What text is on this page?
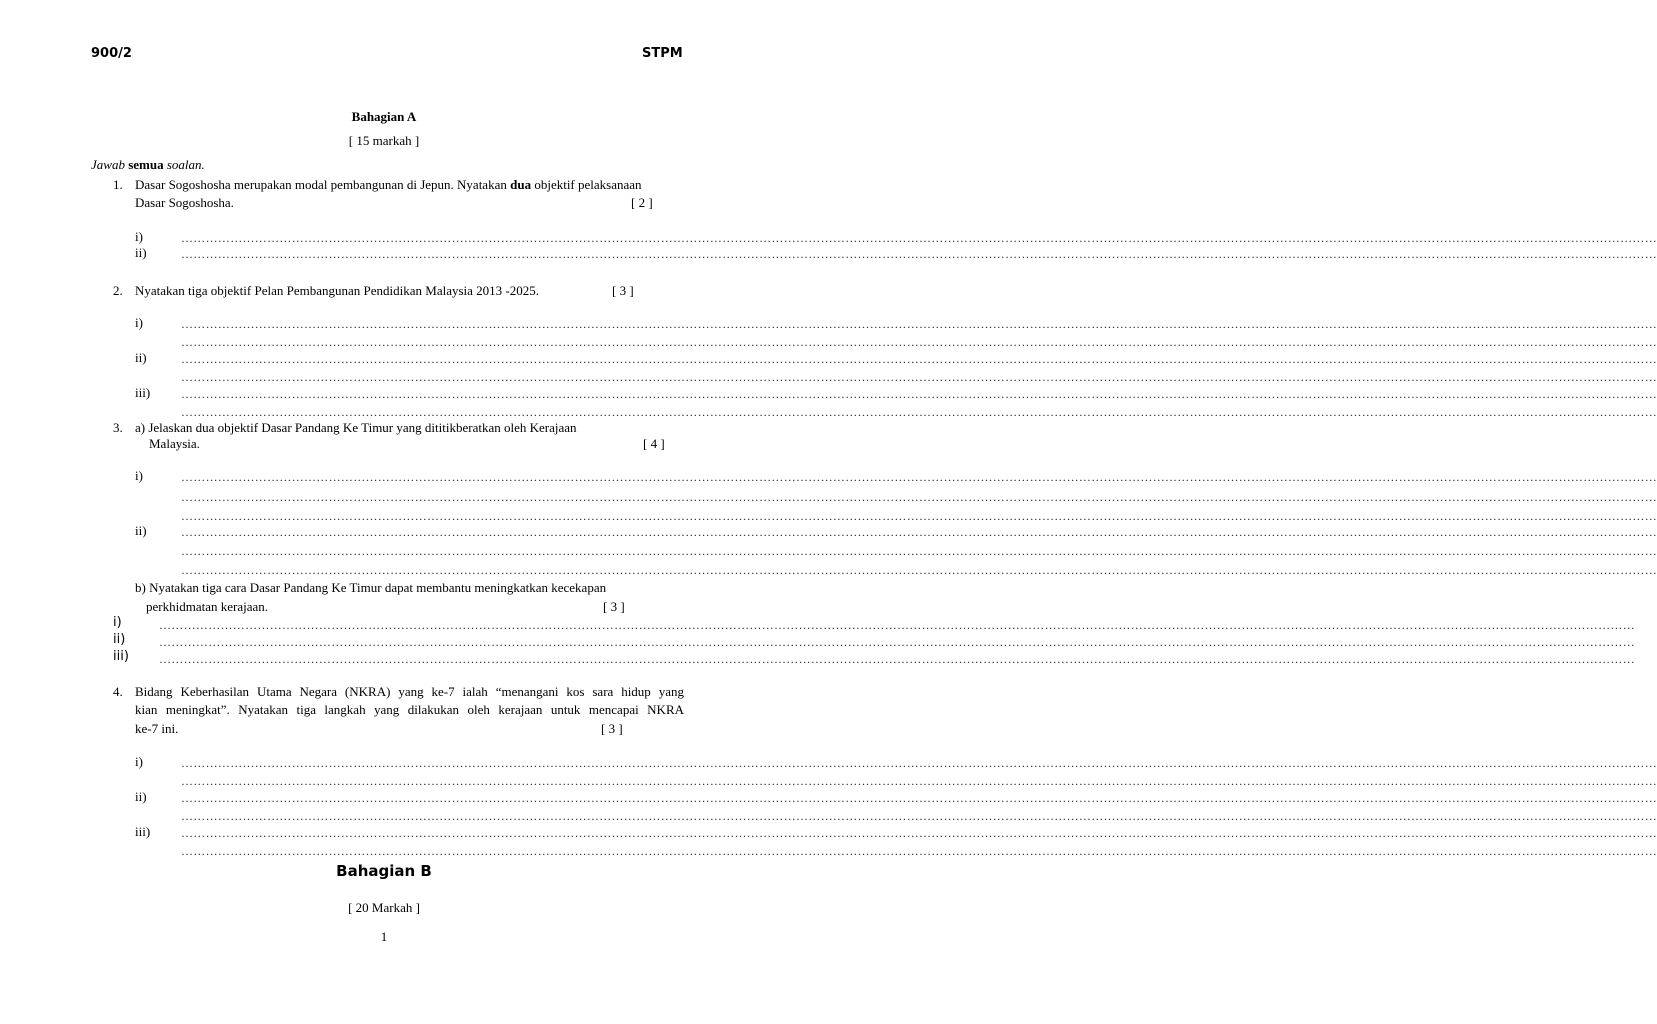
900/2	STPM
Bahagian A
[ 15 markah ]
Jawab semua soalan.
1. Dasar Sogoshosha merupakan modal pembangunan di Jepun. Nyatakan dua objektif pelaksanaan
Dasar Sogoshosha.	[ 2 ]
i)	………………………………………………………………………………………………………………………………………………………………………………………………………………………………………………………………………………………………………………………………
ii)	………………………………………………………………………………………………………………………………………………………………………………………………………………………………………………………………………………………………………………………………
2. Nyatakan tiga objektif Pelan Pembangunan Pendidikan Malaysia 2013 -2025.	[ 3 ]
i)	………………………………………………………………………………………………………………………………………………………………………………………………………………………………………………………………………………………………………………………………
………………………………………………………………………………………………………………………………………………………………………………………………………………………………………………………………………………………………………………………………
ii)	………………………………………………………………………………………………………………………………………………………………………………………………………………………………………………………………………………………………………………………………
………………………………………………………………………………………………………………………………………………………………………………………………………………………………………………………………………………………………………………………………
iii)	………………………………………………………………………………………………………………………………………………………………………………………………………………………………………………………………………………………………………………………………
………………………………………………………………………………………………………………………………………………………………………………………………………………………………………………………………………………………………………………………………
3. a) Jelaskan dua objektif Dasar Pandang Ke Timur yang dititikberatkan oleh Kerajaan
Malaysia.	[ 4 ]
i)	………………………………………………………………………………………………………………………………………………………………………………………………………………………………………………………………………………………………………………………………
………………………………………………………………………………………………………………………………………………………………………………………………………………………………………………………………………………………………………………………………
………………………………………………………………………………………………………………………………………………………………………………………………………………………………………………………………………………………………………………………………
ii)	………………………………………………………………………………………………………………………………………………………………………………………………………………………………………………………………………………………………………………………………
………………………………………………………………………………………………………………………………………………………………………………………………………………………………………………………………………………………………………………………………
………………………………………………………………………………………………………………………………………………………………………………………………………………………………………………………………………………………………………………………………
b) Nyatakan tiga cara Dasar Pandang Ke Timur dapat membantu meningkatkan kecekapan
perkhidmatan kerajaan.	[ 3 ]
i)	………………………………………………………………………………………………………………………………………………………………………………………………………………………………………………………………………………………………………………………………
ii)	………………………………………………………………………………………………………………………………………………………………………………………………………………………………………………………………………………………………………………………………
iii)	………………………………………………………………………………………………………………………………………………………………………………………………………………………………………………………………………………………………………………………………
4. Bidang Keberhasilan Utama Negara (NKRA) yang ke-7 ialah “menangani kos sara hidup yang
kian meningkat”. Nyatakan tiga langkah yang dilakukan oleh kerajaan untuk mencapai NKRA
ke-7 ini.	[ 3 ]
i)	………………………………………………………………………………………………………………………………………………………………………………………………………………………………………………………………………………………………………………………………
………………………………………………………………………………………………………………………………………………………………………………………………………………………………………………………………………………………………………………………………
ii)	………………………………………………………………………………………………………………………………………………………………………………………………………………………………………………………………………………………………………………………………
………………………………………………………………………………………………………………………………………………………………………………………………………………………………………………………………………………………………………………………………
iii)	………………………………………………………………………………………………………………………………………………………………………………………………………………………………………………………………………………………………………………………………
………………………………………………………………………………………………………………………………………………………………………………………………………………………………………………………………………………………………………………………………
Bahagian B
[ 20 Markah ]
1
